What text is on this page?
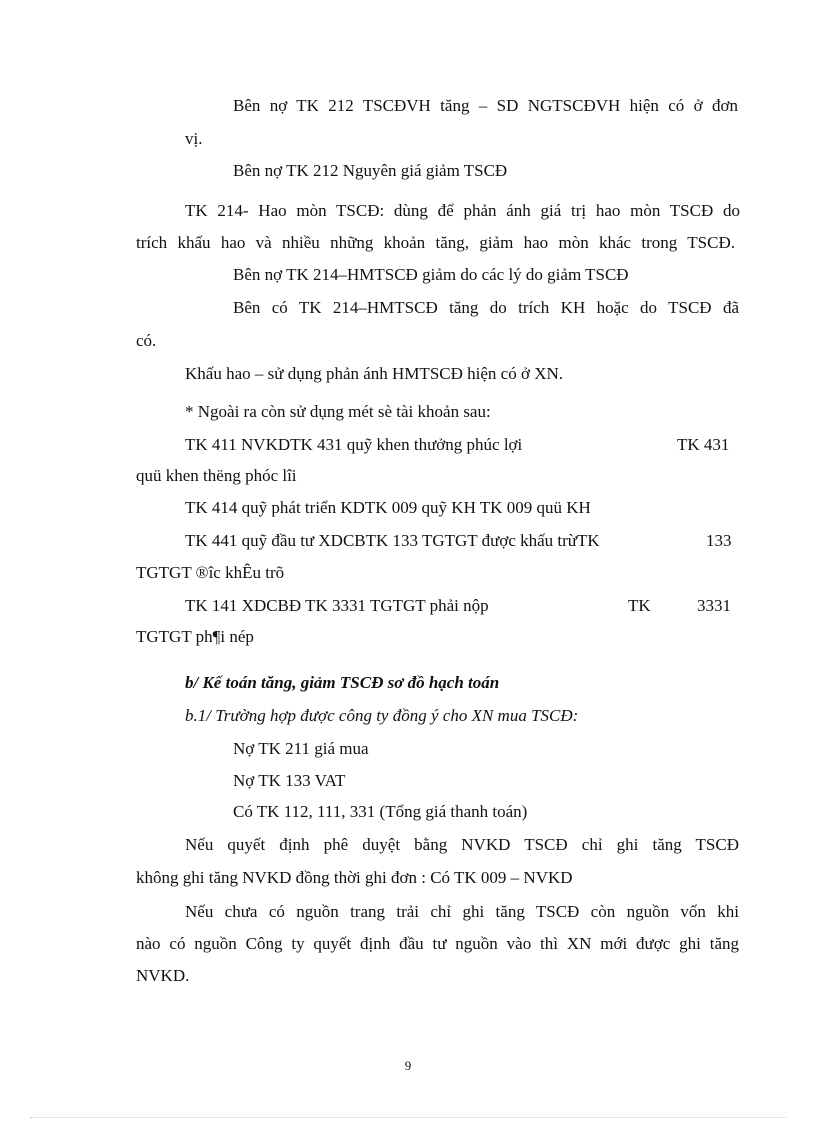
Bên nợ TK 212 TSCĐVH tăng – SD NGTSCĐVH hiện có ở đơn
vị.
Bên nợ TK 212 Nguyên giá giảm TSCĐ
TK 214- Hao mòn TSCĐ: dùng để phản ánh giá trị hao mòn TSCĐ do
trích khấu hao và nhiều những khoản tăng, giảm hao mòn khác trong TSCĐ.
Bên nợ TK 214–HMTSCĐ giảm do các lý do giảm TSCĐ
Bên có TK 214–HMTSCĐ tăng do trích KH hoặc do TSCĐ đã
có.
Khấu hao – sử dụng phản ánh HMTSCĐ hiện có ở XN.
* Ngoài ra còn sử dụng mét sè tài khoản sau:
TK 411 NVKDTK 431 quỹ khen thưởng phúc lợi	TK 431
quü khen thëng phóc lîi
TK 414 quỹ phát triển KDTK 009 quỹ KH TK 009 quü KH
TK 441 quỹ đầu tư XDCBTK 133 TGTGT được khấu trừTK	133
TGTGT ®îc khÊu trõ
TK 141 XDCBĐ TK 3331 TGTGT phải nộp	TK	3331
TGTGT ph¶i nép
b/ Kế toán tăng, giảm TSCĐ sơ đồ hạch toán
b.1/ Trường hợp được công ty đồng ý cho XN mua TSCĐ:
Nợ TK 211 giá mua
Nợ TK 133 VAT
Có TK 112, 111, 331 (Tổng giá thanh toán)
Nếu quyết định phê duyệt bằng NVKD TSCĐ chỉ ghi tăng TSCĐ
không ghi tăng NVKD đồng thời ghi đơn : Có TK 009 – NVKD
Nếu chưa có nguồn trang trải chỉ ghi tăng TSCĐ còn nguồn vốn khi
nào có nguồn Công ty quyết định đầu tư nguồn vào thì XN mới được ghi tăng
NVKD.
9
